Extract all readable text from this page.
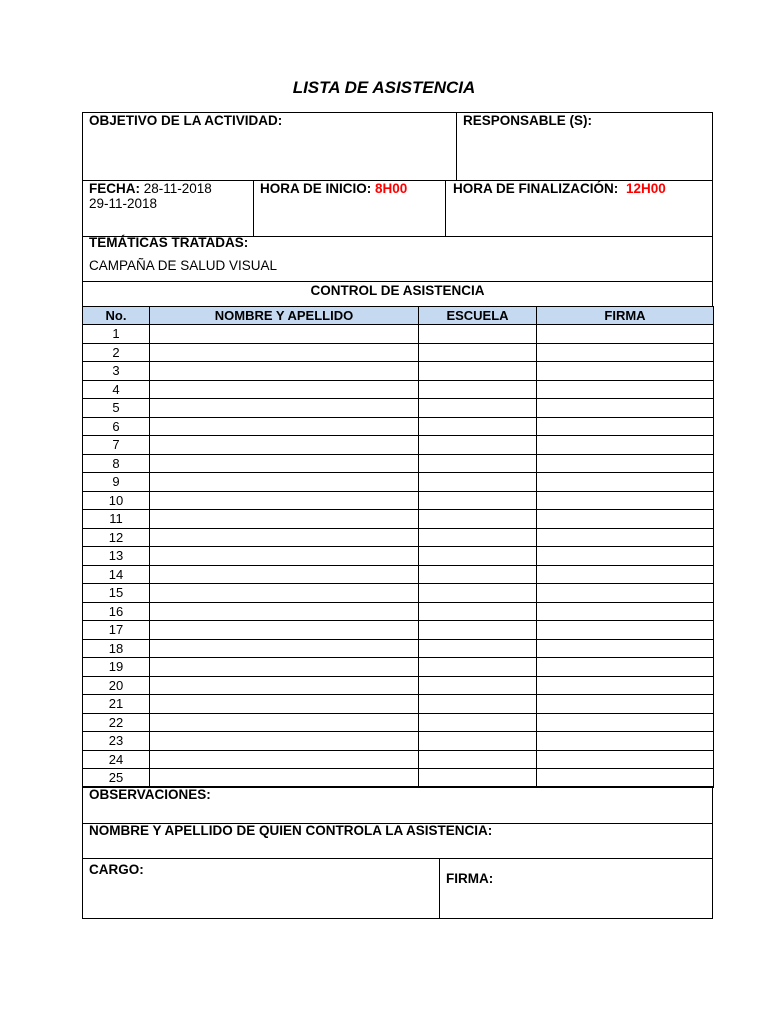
LISTA DE ASISTENCIA
OBJETIVO DE LA ACTIVIDAD:	RESPONSABLE (S):
FECHA: 28-11-2018
29-11-2018
HORA DE INICIO: 8H00	HORA DE FINALIZACIÓN: 12H00
TEMÁTICAS TRATADAS:
CAMPAÑA DE SALUD VISUAL
CONTROL DE ASISTENCIA
No.	NOMBRE Y APELLIDO	ESCUELA	FIRMA
1			
2			
3			
4			
5			
6			
7			
8			
9			
10			
11			
12			
13			
14			
15			
16			
17			
18			
19			
20			
21			
22			
23			
24			
25			
OBSERVACIONES:
NOMBRE Y APELLIDO DE QUIEN CONTROLA LA ASISTENCIA:
CARGO:
FIRMA:
